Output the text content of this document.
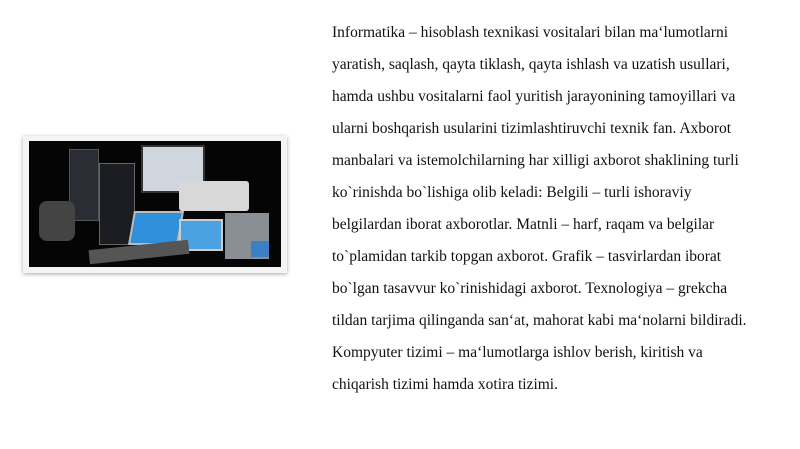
Informatika – hisoblash texnikasi vositalari bilan ma‘lumotlarni
yaratish, saqlash, qayta tiklash, qayta ishlash va uzatish usullari,
hamda ushbu vositalarni faol yuritish jarayonining tamoyillari va
ularni boshqarish usularini tizimlashtiruvchi texnik fan. Axborot
manbalari va istemolchilarning har xilligi axborot shaklining turli
ko`rinishda bo`lishiga olib keladi: Belgili – turli ishoraviy
belgilardan iborat axborotlar. Matnli – harf, raqam va belgilar
to`plamidan tarkib topgan axborot. Grafik – tasvirlardan iborat
bo`lgan tasavvur ko`rinishidagi axborot. Texnologiya – grekcha
tildan tarjima qilinganda san‘at, mahorat kabi ma‘nolarni bildiradi.
Kompyuter tizimi – ma‘lumotlarga ishlov berish, kiritish va
chiqarish tizimi hamda xotira tizimi.
